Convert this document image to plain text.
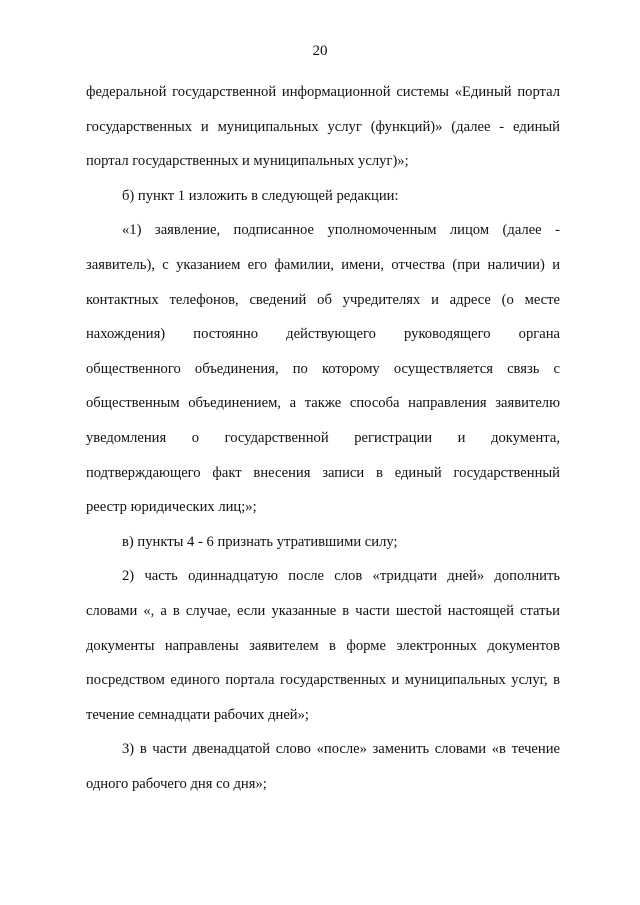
20
федеральной государственной информационной системы «Единый портал
государственных и муниципальных услуг (функций)» (далее - единый
портал государственных и муниципальных услуг)»;
б) пункт 1 изложить в следующей редакции:
«1) заявление, подписанное уполномоченным лицом (далее -
заявитель), с указанием его фамилии, имени, отчества (при наличии) и
контактных телефонов, сведений об учредителях и адресе (о месте
нахождения) постоянно действующего руководящего органа
общественного объединения, по которому осуществляется связь с
общественным объединением, а также способа направления заявителю
уведомления о государственной регистрации и документа,
подтверждающего факт внесения записи в единый государственный
реестр юридических лиц;»;
в) пункты 4 - 6 признать утратившими силу;
2) часть одиннадцатую после слов «тридцати дней» дополнить
словами «, а в случае, если указанные в части шестой настоящей статьи
документы направлены заявителем в форме электронных документов
посредством единого портала государственных и муниципальных услуг, в
течение семнадцати рабочих дней»;
3) в части двенадцатой слово «после» заменить словами «в течение
одного рабочего дня со дня»;
